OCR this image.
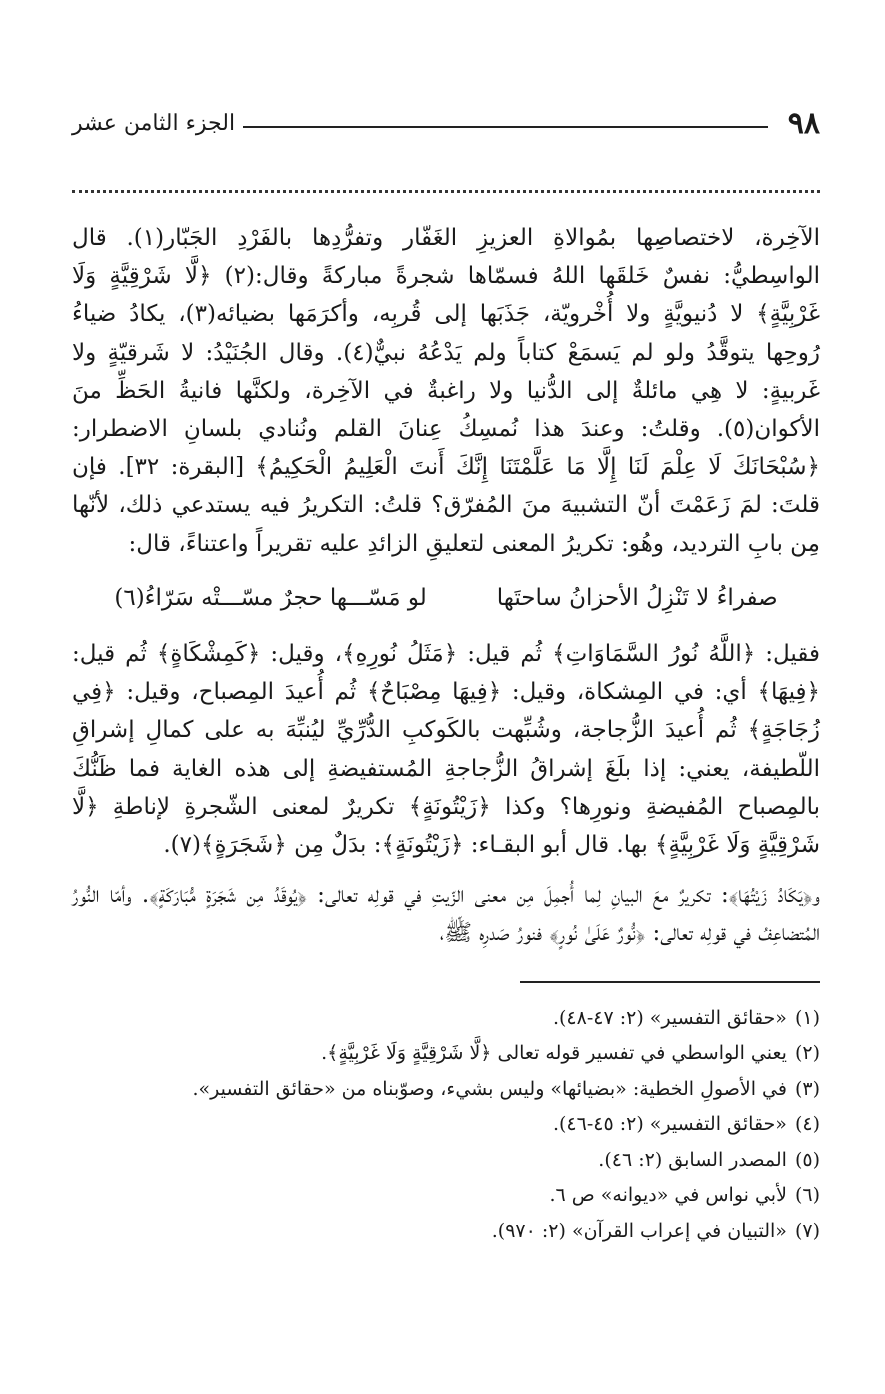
٩٨
الجزء الثامن عشر

الآخِرة، لاختصاصِها بمُوالاةِ العزيزِ الغَفّار وتفرُّدِها بالفَرْدِ الجَبّار(١). قال الواسِطيُّ: نفسٌ خَلقَها اللهُ فسمّاها شجرةً مباركةً وقال:(٢) ﴿لَّا شَرْقِيَّةٍ وَلَا غَرْبِيَّةٍ﴾ لا دُنيويَّةٍ ولا أُخْرويّة، جَذَبَها إلى قُربِه، وأكرَمَها بضيائه(٣)، يكادُ ضياءُ رُوحِها يتوقَّدُ ولو لم يَسمَعْ كتاباً ولم يَدْعُهُ نبيٌّ(٤). وقال الجُنَيْدُ: لا شَرقيّةٍ ولا غَربيةٍ: لا هِي مائلةٌ إلى الدُّنيا ولا راغبةٌ في الآخِرة، ولكنَّها فانيةُ الحَظِّ منَ الأكوان(٥). وقلتُ: وعندَ هذا نُمسِكُ عِنانَ القلم ونُنادي بلسانِ الاضطرار: ﴿سُبْحَانَكَ لَا عِلْمَ لَنَا إِلَّا مَا عَلَّمْتَنَا إِنَّكَ أَنتَ الْعَلِيمُ الْحَكِيمُ﴾ [البقرة: ٣٢]. فإن قلتَ: لمَ زَعَمْتَ أنّ التشبيهَ منَ المُفرّق؟ قلتُ: التكريرُ فيه يستدعي ذلك، لأنّها مِن بابِ الترديد، وهُو: تكريرُ المعنى لتعليقِ الزائدِ عليه تقريراً واعتناءً، قال:

صفراءُ لا تَنْزِلُ الأحزانُ ساحتَها
لو مَسّـــها حجرٌ مسّـــتْه سَرّاءُ(٦)

فقيل: ﴿اللَّهُ نُورُ السَّمَاوَاتِ﴾ ثُم قيل: ﴿مَثَلُ نُورِهِ﴾، وقيل: ﴿كَمِشْكَاةٍ﴾ ثُم قيل: ﴿فِيهَا﴾ أي: في المِشكاة، وقيل: ﴿فِيهَا مِصْبَاحٌ﴾ ثُم أُعيدَ المِصباح، وقيل: ﴿فِي زُجَاجَةٍ﴾ ثُم أُعيدَ الزُّجاجة، وشُبِّهت بالكَوكبِ الدُّرِّيِّ ليُنبِّهَ به على كمالِ إشراقِ اللّطيفة، يعني: إذا بلَغَ إشراقُ الزُّجاجةِ المُستفيضةِ إلى هذه الغاية فما ظَنُّكَ بالمِصباح المُفيضةِ ونورِها؟ وكذا ﴿زَيْتُونَةٍ﴾ تكريرٌ لمعنى الشّجرةِ لإناطةِ ﴿لَّا شَرْقِيَّةٍ وَلَا غَرْبِيَّةٍ﴾ بها. قال أبو البقـاء: ﴿زَيْتُونَةٍ﴾: بدَلٌ مِن ﴿شَجَرَةٍ﴾(٧).

و﴿يَكَادُ زَيْتُهَا﴾: تكريرٌ معَ البيانِ لِما أُجمِلَ مِن معنى الزّيتِ في قولِه تعالى: ﴿يُوقَدُ مِن شَجَرَةٍ مُّبَارَكَةٍ﴾. وأمّا النُّورُ المُتضاعِفُ في قولِه تعالى: ﴿نُّورٌ عَلَىٰ نُورٍ﴾ فنورُ صَدرِه ﷺ،

(١)«حقائق التفسير» (٢: ٤٧-٤٨).
(٢)يعني الواسطي في تفسير قوله تعالى ﴿لَّا شَرْقِيَّةٍ وَلَا غَرْبِيَّةٍ﴾.
(٣)في الأصولِ الخطية: «بضيائها» وليس بشيء، وصوّبناه من «حقائق التفسير».
(٤)«حقائق التفسير» (٢: ٤٥-٤٦).
(٥)المصدر السابق (٢: ٤٦).
(٦)لأبي نواس في «ديوانه» ص ٦.
(٧)«التبيان في إعراب القرآن» (٢: ٩٧٠).
